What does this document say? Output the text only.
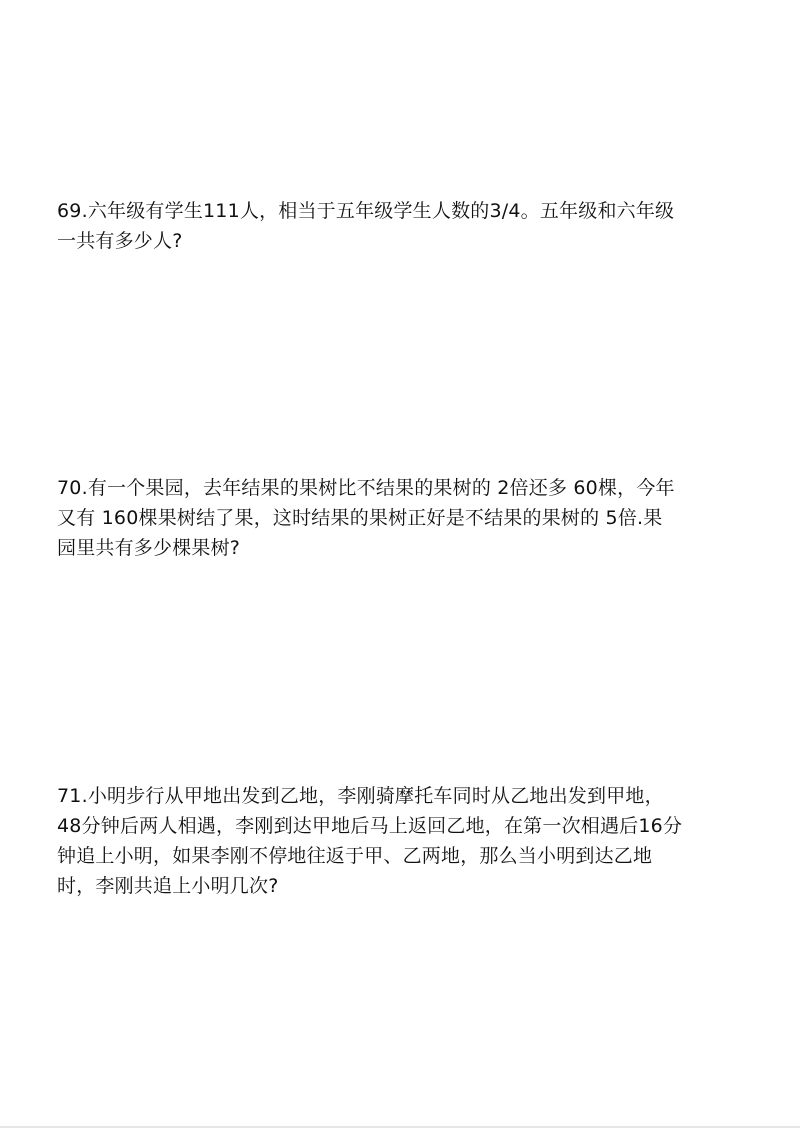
69.六年级有学生111人，相当于五年级学生人数的3/4。五年级和六年级
一共有多少人?
70.有一个果园，去年结果的果树比不结果的果树的 2倍还多 60棵，今年
又有 160棵果树结了果，这时结果的果树正好是不结果的果树的 5倍.果
园里共有多少棵果树?
71.小明步行从甲地出发到乙地，李刚骑摩托车同时从乙地出发到甲地，
48分钟后两人相遇，李刚到达甲地后马上返回乙地，在第一次相遇后16分
钟追上小明，如果李刚不停地往返于甲、乙两地，那么当小明到达乙地
时，李刚共追上小明几次?
